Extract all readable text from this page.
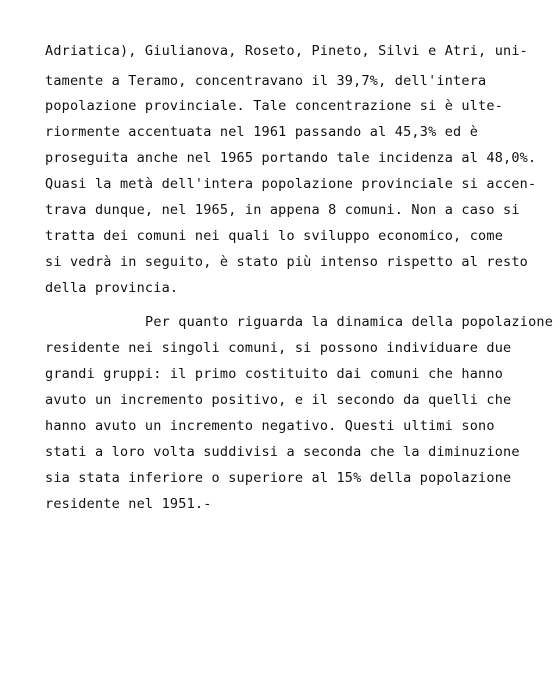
Adriatica), Giulianova, Roseto, Pineto, Silvi e Atri, uni-
tamente a Teramo, concentravano il 39,7%, dell'intera
popolazione provinciale. Tale concentrazione si è ulte-
riormente accentuata nel 1961 passando al 45,3% ed è
proseguita anche nel 1965 portando tale incidenza al 48,0%.
Quasi la metà dell'intera popolazione provinciale si accen-
trava dunque, nel 1965, in appena 8 comuni. Non a caso si
tratta dei comuni nei quali lo sviluppo economico, come
si vedrà in seguito, è stato più intenso rispetto al resto
della provincia.
Per quanto riguarda la dinamica della popolazione
residente nei singoli comuni, si possono individuare due
grandi gruppi: il primo costituito dai comuni che hanno
avuto un incremento positivo, e il secondo da quelli che
hanno avuto un incremento negativo. Questi ultimi sono
stati a loro volta suddivisi a seconda che la diminuzione
sia stata inferiore o superiore al 15% della popolazione
residente nel 1951.-
